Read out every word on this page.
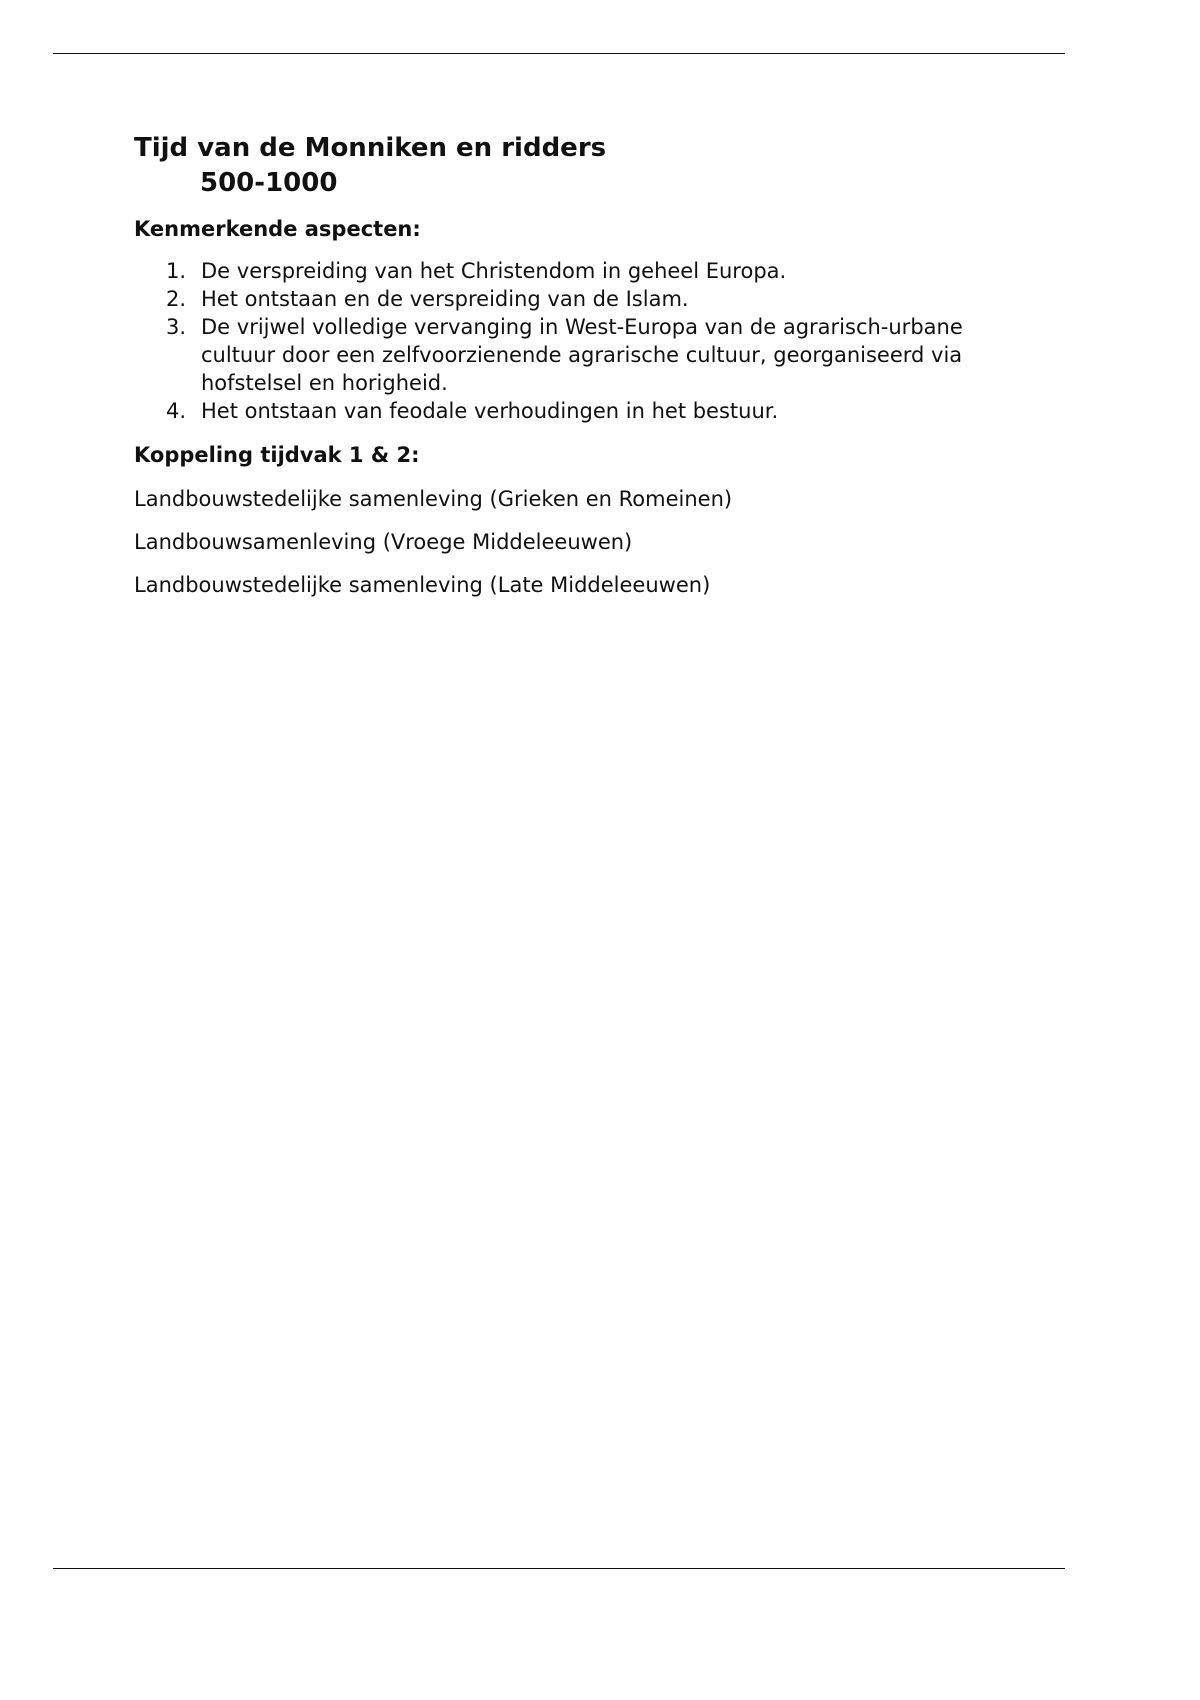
Tijd van de Monniken en ridders
500-1000
Kenmerkende aspecten:
1. De verspreiding van het Christendom in geheel Europa.
2. Het ontstaan en de verspreiding van de Islam.
3. De vrijwel volledige vervanging in West-Europa van de agrarisch-urbane cultuur door een zelfvoorzienende agrarische cultuur, georganiseerd via hofstelsel en horigheid.
4. Het ontstaan van feodale verhoudingen in het bestuur.
Koppeling tijdvak 1 & 2:

Landbouwstedelijke samenleving (Grieken en Romeinen)

Landbouwsamenleving (Vroege Middeleeuwen)

Landbouwstedelijke samenleving (Late Middeleeuwen)
